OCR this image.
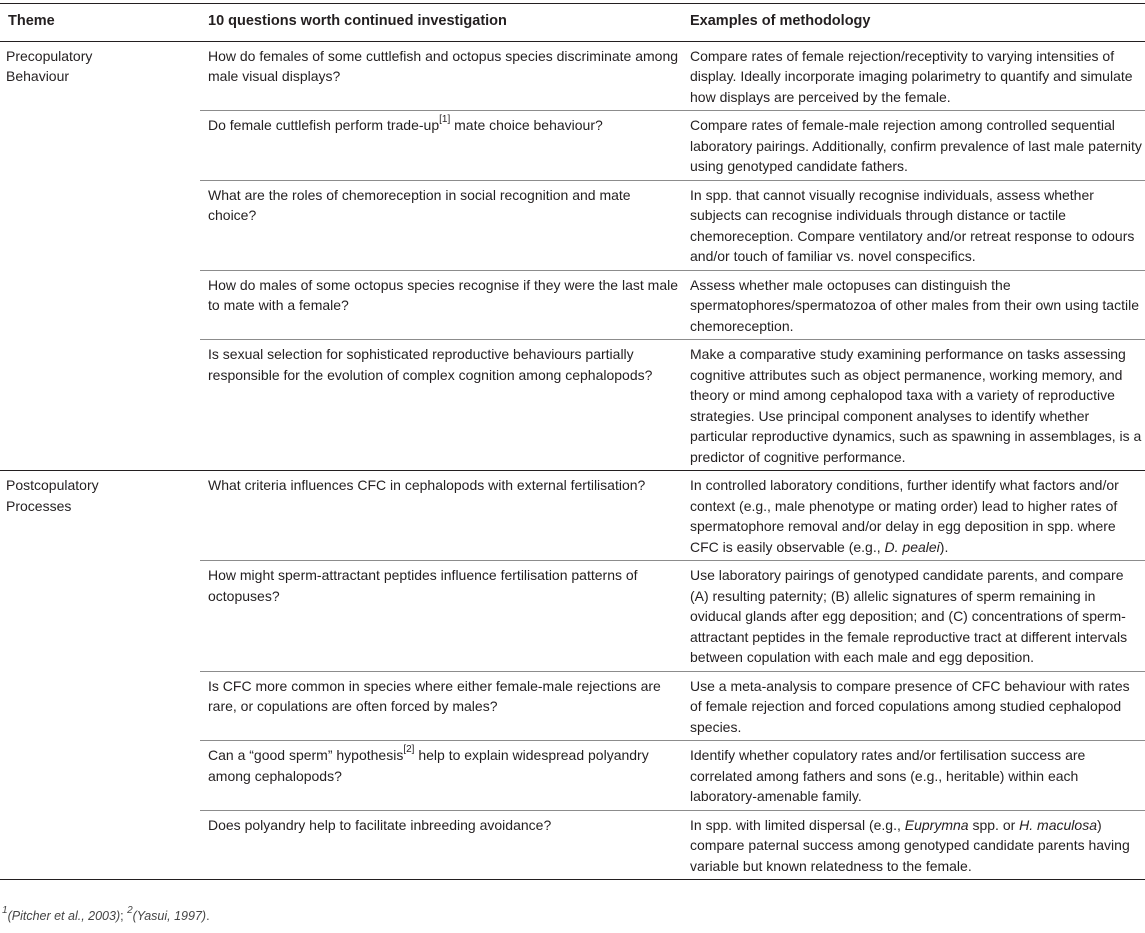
Theme	10 questions worth continued investigation	Examples of methodology
Precopulatory
Behaviour	How do females of some cuttlefish and octopus species discriminate among male visual displays?	Compare rates of female rejection/receptivity to varying intensities of display. Ideally incorporate imaging polarimetry to quantify and simulate how displays are perceived by the female.
	Do female cuttlefish perform trade-up[1] mate choice behaviour?	Compare rates of female-male rejection among controlled sequential laboratory pairings. Additionally, confirm prevalence of last male paternity using genotyped candidate fathers.
	What are the roles of chemoreception in social recognition and mate choice?	In spp. that cannot visually recognise individuals, assess whether subjects can recognise individuals through distance or tactile chemoreception. Compare ventilatory and/or retreat response to odours and/or touch of familiar vs. novel conspecifics.
	How do males of some octopus species recognise if they were the last male to mate with a female?	Assess whether male octopuses can distinguish the spermatophores/spermatozoa of other males from their own using tactile chemoreception.
	Is sexual selection for sophisticated reproductive behaviours partially responsible for the evolution of complex cognition among cephalopods?	Make a comparative study examining performance on tasks assessing cognitive attributes such as object permanence, working memory, and theory or mind among cephalopod taxa with a variety of reproductive strategies. Use principal component analyses to identify whether particular reproductive dynamics, such as spawning in assemblages, is a predictor of cognitive performance.
Postcopulatory
Processes	What criteria influences CFC in cephalopods with external fertilisation?	In controlled laboratory conditions, further identify what factors and/or context (e.g., male phenotype or mating order) lead to higher rates of spermatophore removal and/or delay in egg deposition in spp. where CFC is easily observable (e.g., D. pealei).
	How might sperm-attractant peptides influence fertilisation patterns of octopuses?	Use laboratory pairings of genotyped candidate parents, and compare (A) resulting paternity; (B) allelic signatures of sperm remaining in oviducal glands after egg deposition; and (C) concentrations of sperm-attractant peptides in the female reproductive tract at different intervals between copulation with each male and egg deposition.
	Is CFC more common in species where either female-male rejections are rare, or copulations are often forced by males?	Use a meta-analysis to compare presence of CFC behaviour with rates of female rejection and forced copulations among studied cephalopod species.
	Can a “good sperm” hypothesis[2] help to explain widespread polyandry among cephalopods?	Identify whether copulatory rates and/or fertilisation success are correlated among fathers and sons (e.g., heritable) within each laboratory-amenable family.
	Does polyandry help to facilitate inbreeding avoidance?	In spp. with limited dispersal (e.g., Euprymna spp. or H. maculosa) compare paternal success among genotyped candidate parents having variable but known relatedness to the female.
$^1$(Pitcher et al., 2003); $^2$(Yasui, 1997).
